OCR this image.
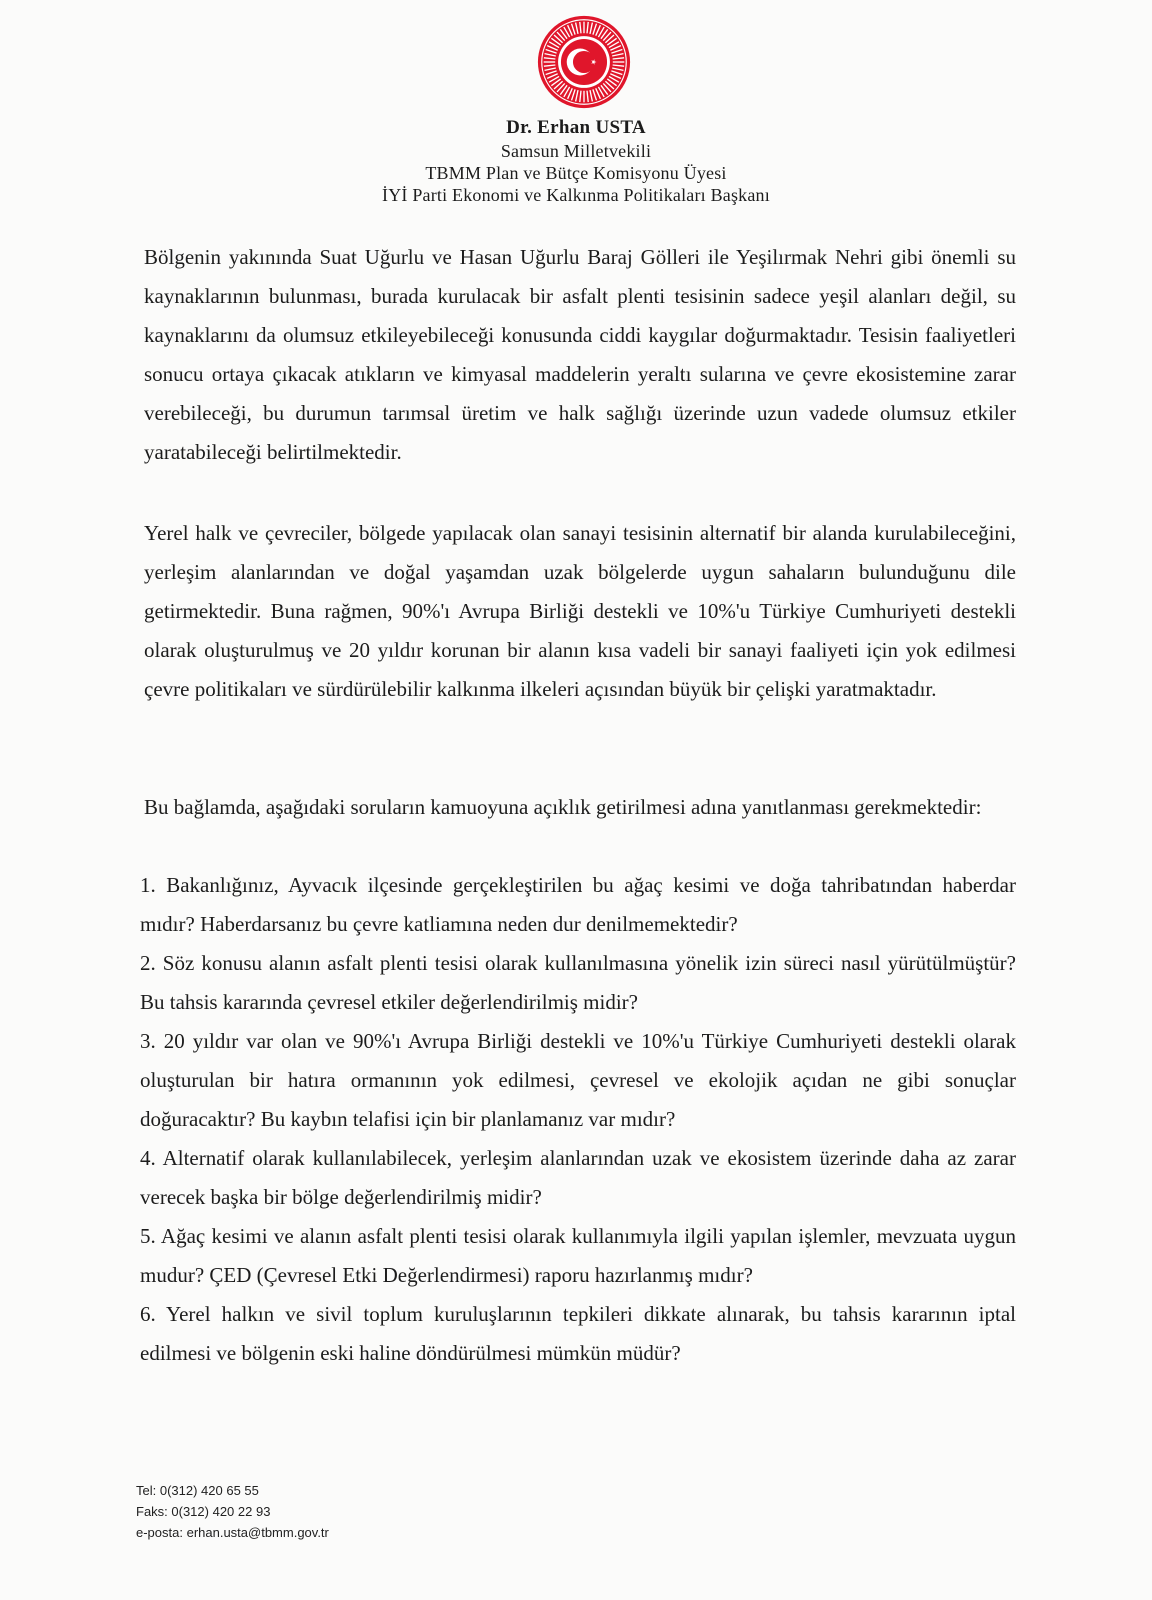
Dr. Erhan USTA
Samsun Milletvekili
TBMM Plan ve Bütçe Komisyonu Üyesi
İYİ Parti Ekonomi ve Kalkınma Politikaları Başkanı
Bölgenin yakınında Suat Uğurlu ve Hasan Uğurlu Baraj Gölleri ile Yeşilırmak Nehri gibi önemli su kaynaklarının bulunması, burada kurulacak bir asfalt plenti tesisinin sadece yeşil alanları değil, su kaynaklarını da olumsuz etkileyebileceği konusunda ciddi kaygılar doğurmaktadır. Tesisin faaliyetleri sonucu ortaya çıkacak atıkların ve kimyasal maddelerin yeraltı sularına ve çevre ekosistemine zarar verebileceği, bu durumun tarımsal üretim ve halk sağlığı üzerinde uzun vadede olumsuz etkiler yaratabileceği belirtilmektedir.
Yerel halk ve çevreciler, bölgede yapılacak olan sanayi tesisinin alternatif bir alanda kurulabileceğini, yerleşim alanlarından ve doğal yaşamdan uzak bölgelerde uygun sahaların bulunduğunu dile getirmektedir. Buna rağmen, 90%'ı Avrupa Birliği destekli ve 10%'u Türkiye Cumhuriyeti destekli olarak oluşturulmuş ve 20 yıldır korunan bir alanın kısa vadeli bir sanayi faaliyeti için yok edilmesi çevre politikaları ve sürdürülebilir kalkınma ilkeleri açısından büyük bir çelişki yaratmaktadır.
Bu bağlamda, aşağıdaki soruların kamuoyuna açıklık getirilmesi adına yanıtlanması gerekmektedir:

1. Bakanlığınız, Ayvacık ilçesinde gerçekleştirilen bu ağaç kesimi ve doğa tahribatından haberdar mıdır? Haberdarsanız bu çevre katliamına neden dur denilmemektedir?

2. Söz konusu alanın asfalt plenti tesisi olarak kullanılmasına yönelik izin süreci nasıl yürütülmüştür? Bu tahsis kararında çevresel etkiler değerlendirilmiş midir?

3. 20 yıldır var olan ve 90%'ı Avrupa Birliği destekli ve 10%'u Türkiye Cumhuriyeti destekli olarak oluşturulan bir hatıra ormanının yok edilmesi, çevresel ve ekolojik açıdan ne gibi sonuçlar doğuracaktır? Bu kaybın telafisi için bir planlamanız var mıdır?

4. Alternatif olarak kullanılabilecek, yerleşim alanlarından uzak ve ekosistem üzerinde daha az zarar verecek başka bir bölge değerlendirilmiş midir?

5. Ağaç kesimi ve alanın asfalt plenti tesisi olarak kullanımıyla ilgili yapılan işlemler, mevzuata uygun mudur? ÇED (Çevresel Etki Değerlendirmesi) raporu hazırlanmış mıdır?

6. Yerel halkın ve sivil toplum kuruluşlarının tepkileri dikkate alınarak, bu tahsis kararının iptal edilmesi ve bölgenin eski haline döndürülmesi mümkün müdür?

Tel: 0(312) 420 65 55
Faks: 0(312) 420 22 93
e-posta: erhan.usta@tbmm.gov.tr
